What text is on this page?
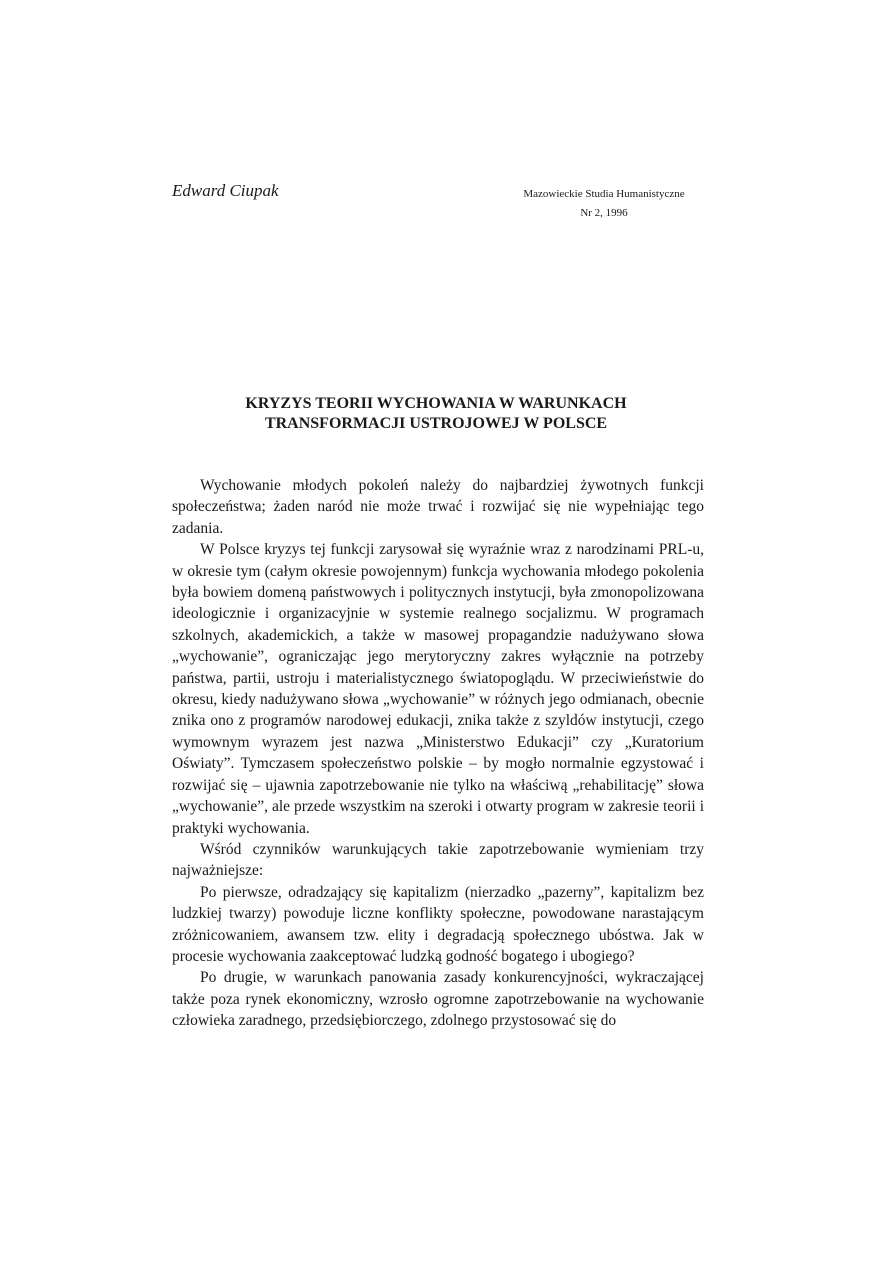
Edward Ciupak	Mazowieckie Studia Humanistyczne
Nr 2, 1996
KRYZYS TEORII WYCHOWANIA W WARUNKACH
TRANSFORMACJI USTROJOWEJ W POLSCE

Wychowanie młodych pokoleń należy do najbardziej żywotnych funkcji społeczeństwa; żaden naród nie może trwać i rozwijać się nie wypełniając tego zadania.

W Polsce kryzys tej funkcji zarysował się wyraźnie wraz z narodzinami PRL-u, w okresie tym (całym okresie powojennym) funkcja wychowania młodego pokolenia była bowiem domeną państwowych i politycznych instytucji, była zmonopolizowana ideologicznie i organizacyjnie w systemie realnego socjalizmu. W programach szkolnych, akademickich, a także w masowej propagandzie nadużywano słowa „wychowanie”, ograniczając jego merytoryczny zakres wyłącznie na potrzeby państwa, partii, ustroju i materialistycznego światopoglądu. W przeciwieństwie do okresu, kiedy nadużywano słowa „wychowanie” w różnych jego odmianach, obecnie znika ono z programów narodowej edukacji, znika także z szyldów instytucji, czego wymownym wyrazem jest nazwa „Ministerstwo Edukacji” czy „Kuratorium Oświaty”. Tymczasem społeczeństwo polskie – by mogło normalnie egzystować i rozwijać się – ujawnia zapotrzebowanie nie tylko na właściwą „rehabilitację” słowa „wychowanie”, ale przede wszystkim na szeroki i otwarty program w zakresie teorii i praktyki wychowania.

Wśród czynników warunkujących takie zapotrzebowanie wymieniam trzy najważniejsze:

Po pierwsze, odradzający się kapitalizm (nierzadko „pazerny”, kapitalizm bez ludzkiej twarzy) powoduje liczne konflikty społeczne, powodowane narastającym zróżnicowaniem, awansem tzw. elity i degradacją społecznego ubóstwa. Jak w procesie wychowania zaakceptować ludzką godność bogatego i ubogiego?

Po drugie, w warunkach panowania zasady konkurencyjności, wykraczającej także poza rynek ekonomiczny, wzrosło ogromne zapotrzebowanie na wychowanie człowieka zaradnego, przedsiębiorczego, zdolnego przystosować się do
